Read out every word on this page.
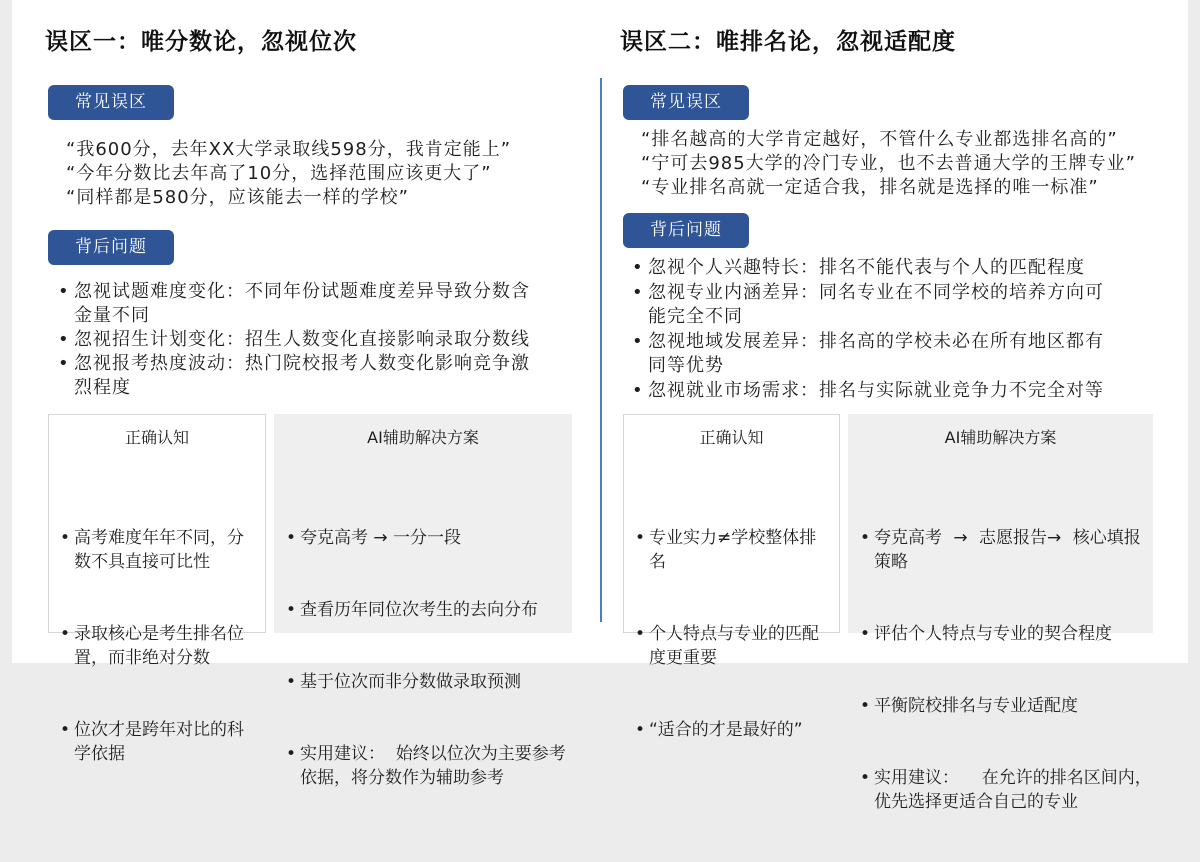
误区一：唯分数论，忽视位次
常见误区
“我600分，去年XX大学录取线598分，我肯定能上”
“今年分数比去年高了10分，选择范围应该更大了”
“同样都是580分，应该能去一样的学校”
背后问题
• 忽视试题难度变化：不同年份试题难度差异导致分数含金量不同
• 忽视招生计划变化：招生人数变化直接影响录取分数线
• 忽视报考热度波动：热门院校报考人数变化影响竞争激烈程度
正确认知

• 高考难度年年不同，分数不具直接可比性

• 录取核心是考生排名位置，而非绝对分数

• 位次才是跨年对比的科学依据

AI辅助解决方案

• 夸克高考 → 一分一段

• 查看历年同位次考生的去向分布

• 基于位次而非分数做录取预测

• 实用建议：  始终以位次为主要参考依据，将分数作为辅助参考

误区二：唯排名论，忽视适配度
常见误区
“排名越高的大学肯定越好，不管什么专业都选排名高的”
“宁可去985大学的冷门专业，也不去普通大学的王牌专业”
“专业排名高就一定适合我，排名就是选择的唯一标准”
背后问题
• 忽视个人兴趣特长：排名不能代表与个人的匹配程度
• 忽视专业内涵差异：同名专业在不同学校的培养方向可能完全不同
• 忽视地域发展差异：排名高的学校未必在所有地区都有同等优势
• 忽视就业市场需求：排名与实际就业竞争力不完全对等
正确认知

• 专业实力≠学校整体排名

• 个人特点与专业的匹配度更重要

• “适合的才是最好的”

AI辅助解决方案

• 夸克高考 → 志愿报告→ 核心填报策略

• 评估个人特点与专业的契合程度

• 平衡院校排名与专业适配度

• 实用建议：  在允许的排名区间内，优先选择更适合自己的专业
